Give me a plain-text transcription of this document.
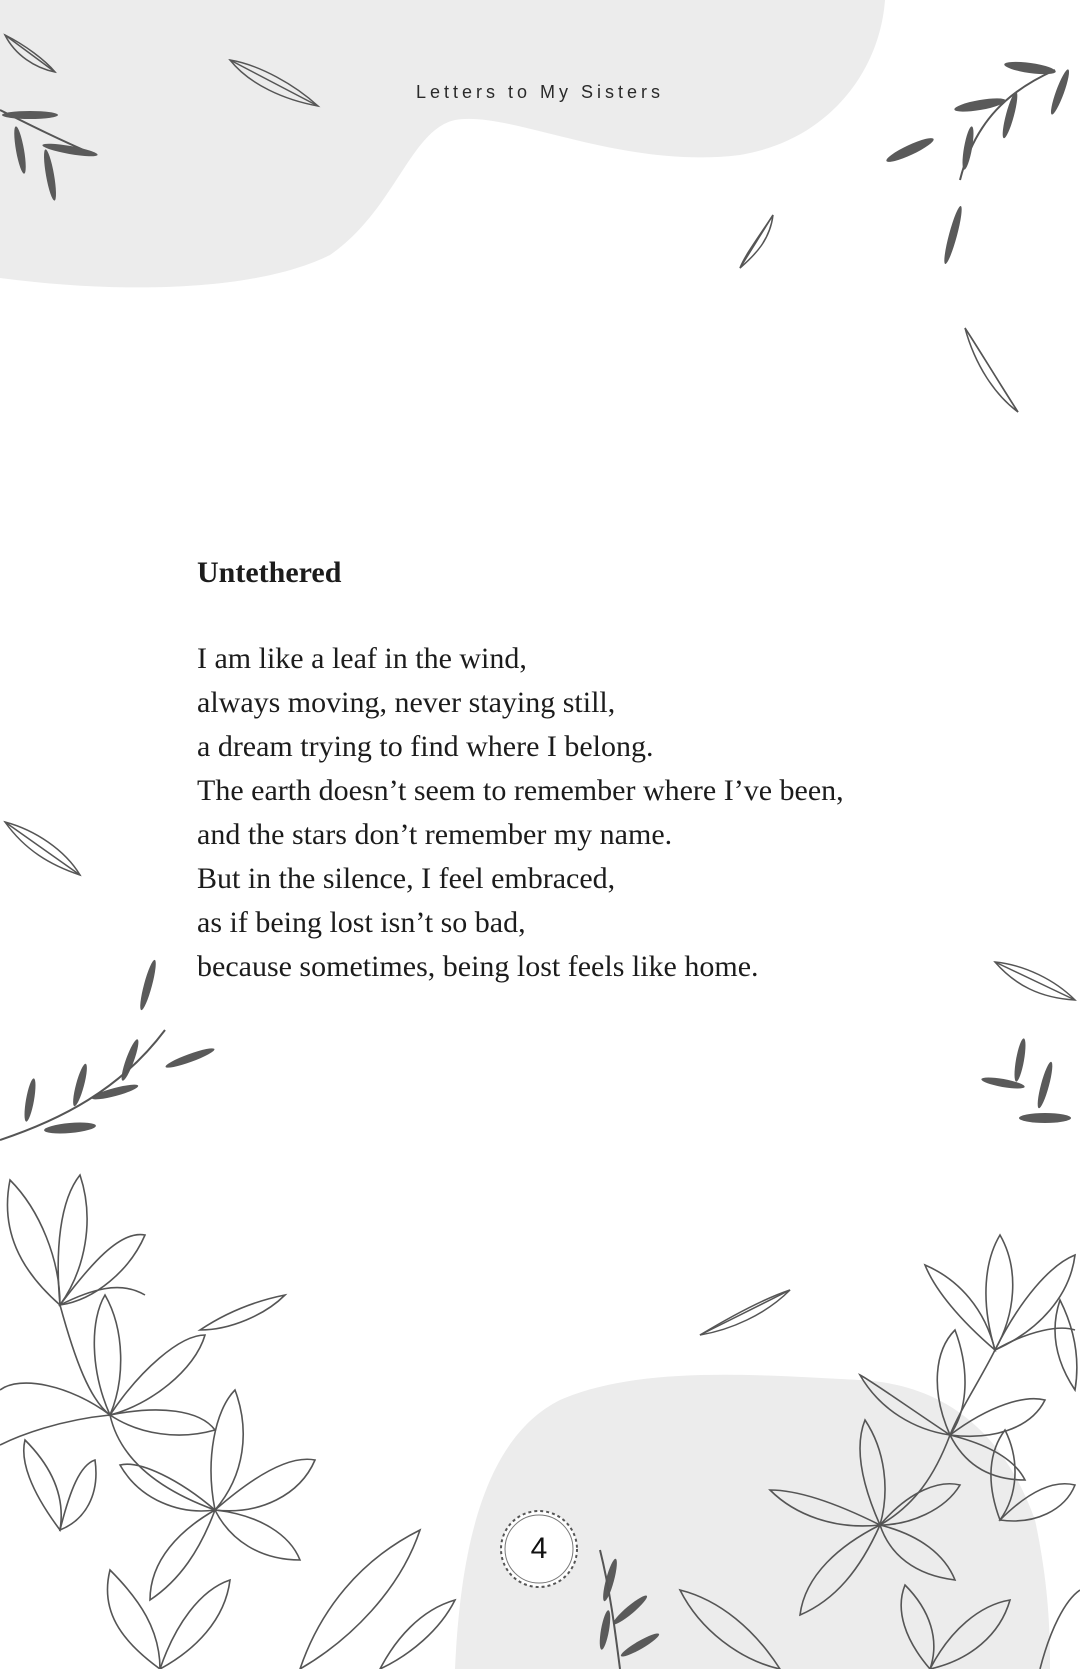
Letters to My Sisters
Untethered
I am like a leaf in the wind,
always moving, never staying still,
a dream trying to find where I belong.
The earth doesn’t seem to remember where I’ve been,
and the stars don’t remember my name.
But in the silence, I feel embraced,
as if being lost isn’t so bad,
because sometimes, being lost feels like home.
4
